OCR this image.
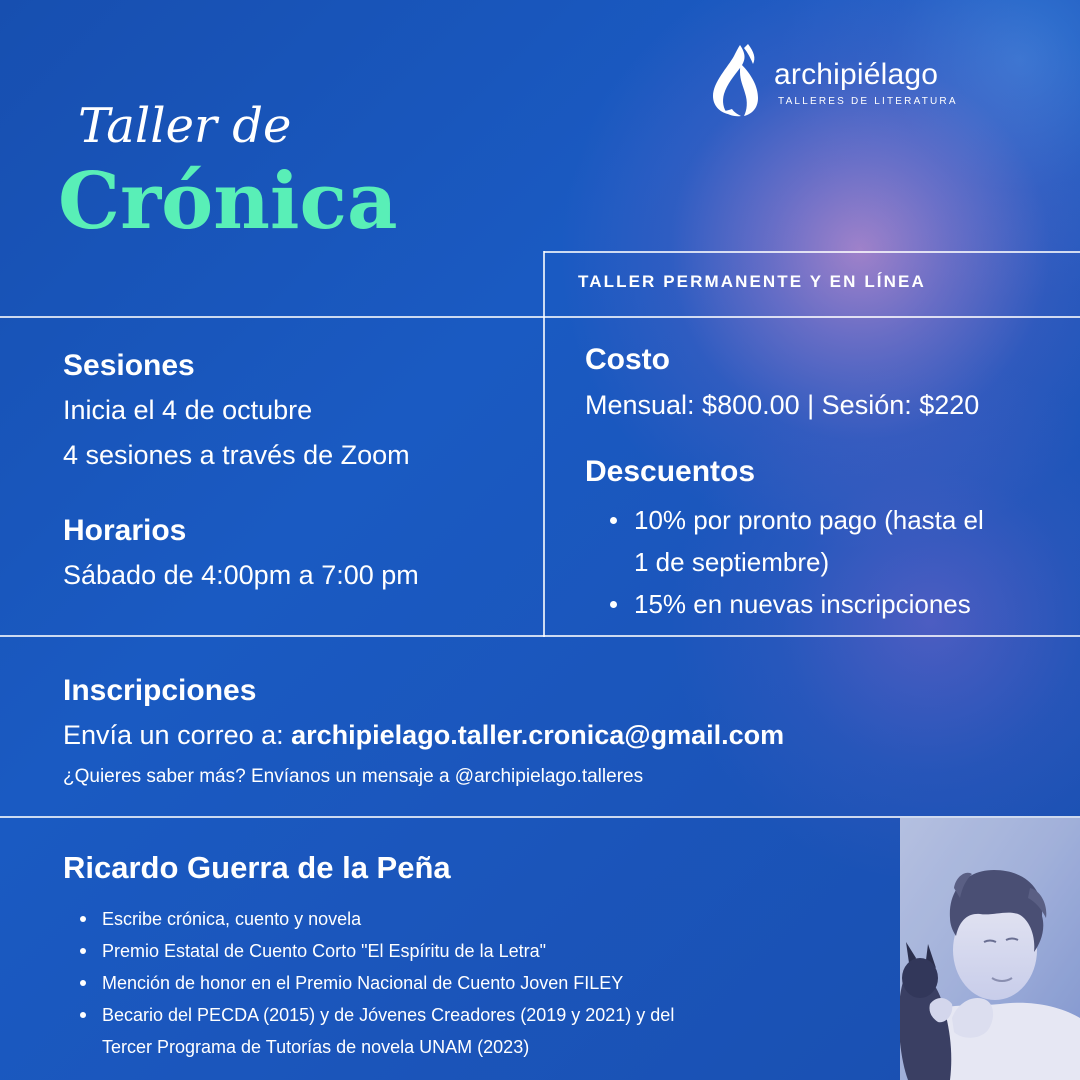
archipiélago
TALLERES DE LITERATURA
Taller de
Crónica
TALLER PERMANENTE Y EN LÍNEA
Sesiones
Inicia el 4 de octubre
4 sesiones a través de Zoom
Horarios
Sábado de 4:00pm a 7:00 pm
Costo
Mensual: $800.00 | Sesión: $220
Descuentos
10% por pronto pago (hasta el
1 de septiembre)
15% en nuevas inscripciones
Inscripciones
Envía un correo a: archipielago.taller.cronica@gmail.com
¿Quieres saber más? Envíanos un mensaje a @archipielago.talleres
Ricardo Guerra de la Peña
Escribe crónica, cuento y novela
Premio Estatal de Cuento Corto "El Espíritu de la Letra"
Mención de honor en el Premio Nacional de Cuento Joven FILEY
Becario del PECDA (2015) y de Jóvenes Creadores (2019 y 2021) y del
Tercer Programa de Tutorías de novela UNAM (2023)
